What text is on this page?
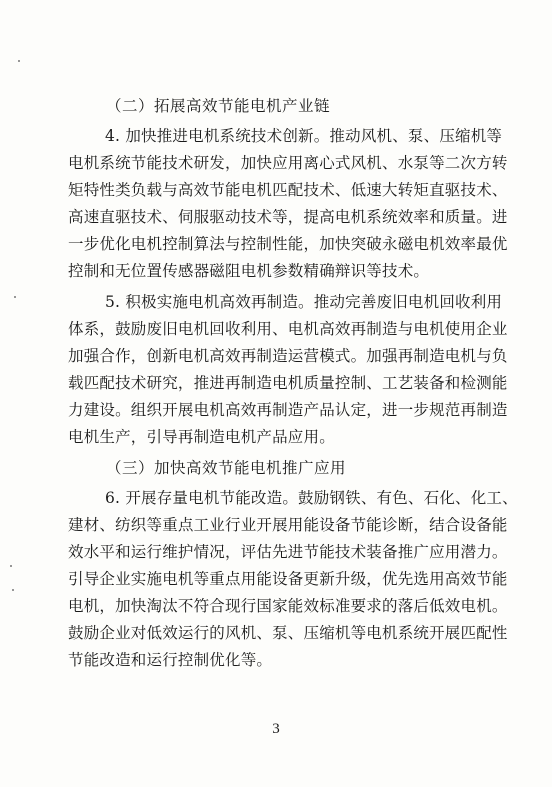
（二）拓展高效节能电机产业链

4. 加快推进电机系统技术创新。推动风机、泵、压缩机等
电机系统节能技术研发，加快应用离心式风机、水泵等二次方转
矩特性类负载与高效节能电机匹配技术、低速大转矩直驱技术、
高速直驱技术、伺服驱动技术等，提高电机系统效率和质量。进
一步优化电机控制算法与控制性能，加快突破永磁电机效率最优
控制和无位置传感器磁阻电机参数精确辩识等技术。

5. 积极实施电机高效再制造。推动完善废旧电机回收利用
体系，鼓励废旧电机回收利用、电机高效再制造与电机使用企业
加强合作，创新电机高效再制造运营模式。加强再制造电机与负
载匹配技术研究，推进再制造电机质量控制、工艺装备和检测能
力建设。组织开展电机高效再制造产品认定，进一步规范再制造
电机生产，引导再制造电机产品应用。

（三）加快高效节能电机推广应用

6. 开展存量电机节能改造。鼓励钢铁、有色、石化、化工、
建材、纺织等重点工业行业开展用能设备节能诊断，结合设备能
效水平和运行维护情况，评估先进节能技术装备推广应用潜力。
引导企业实施电机等重点用能设备更新升级，优先选用高效节能
电机，加快淘汰不符合现行国家能效标准要求的落后低效电机。
鼓励企业对低效运行的风机、泵、压缩机等电机系统开展匹配性
节能改造和运行控制优化等。

3
